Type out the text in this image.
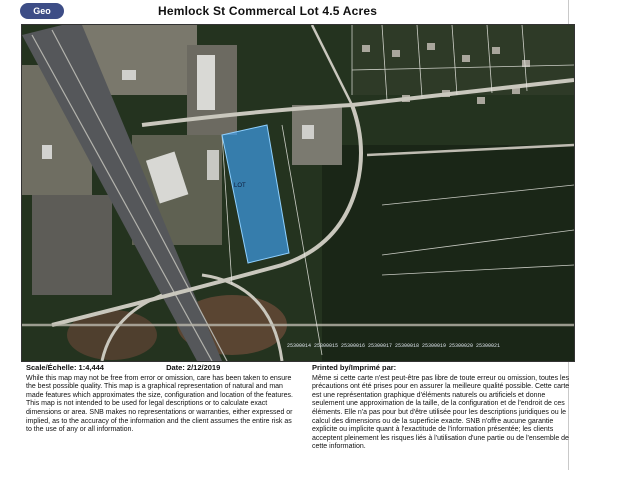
Geo	Hemlock St Commercal Lot 4.5 Acres
LOT
25300014 25300015 25300016 25300017 25300018 25300019 25300020 25300021
Scale/Échelle: 1:4,444	Date: 2/12/2019

While this map may not be free from error or omission, care has been taken to ensure the best possible quality. This map is a graphical representation of natural and man made features which approximates the size, configuration and location of the features. This map is not intended to be used for legal descriptions or to calculate exact dimensions or area. SNB makes no representations or warranties, either expressed or implied, as to the accuracy of the information and the client assumes the entire risk as to the use of any or all information.

Printed by/Imprimé par:

Même si cette carte n'est peut-être pas libre de toute erreur ou omission, toutes les précautions ont été prises pour en assurer la meilleure qualité possible. Cette carte est une représentation graphique d'éléments naturels ou artificiels et donne seulement une approximation de la taille, de la configuration et de l'endroit de ces éléments. Elle n'a pas pour but d'être utilisée pour les descriptions juridiques ou le calcul des dimensions ou de la superficie exacte. SNB n'offre aucune garantie explicite ou implicite quant à l'exactitude de l'information présentée; les clients acceptent pleinement les risques liés à l'utilisation d'une partie ou de l'ensemble de cette information.
